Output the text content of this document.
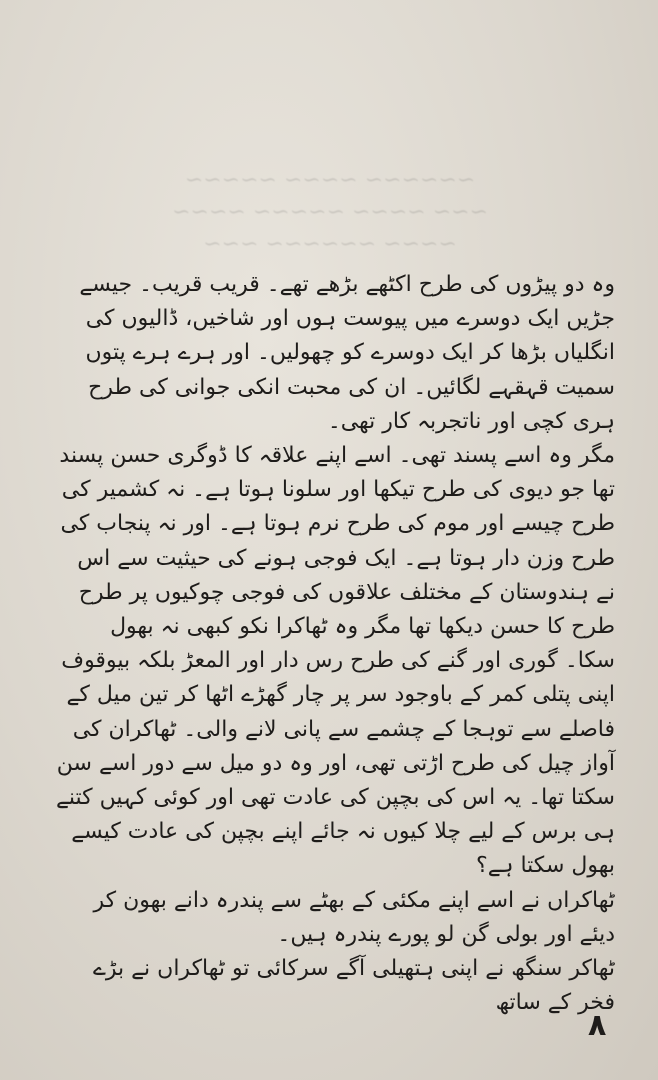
~~~~~ ~~~~ ~~~~~~
~~~~ ~~~~~ ~~~~ ~~~
~~~ ~~~~~~ ~~~~

وہ دو پیڑوں کی طرح اکٹھے بڑھے تھے۔ قریب قریب۔ جیسے جڑیں ایک دوسرے میں پیوست ہوں اور شاخیں، ڈالیوں کی انگلیاں بڑھا کر ایک دوسرے کو چھولیں۔ اور ہرے ہرے پتوں سمیت قہقہے لگائیں۔ ان کی محبت انکی جوانی کی طرح ہری کچی اور ناتجربہ کار تھی۔

مگر وہ اسے پسند تھی۔ اسے اپنے علاقہ کا ڈوگری حسن پسند تھا جو دیوی کی طرح تیکھا اور سلونا ہوتا ہے۔ نہ کشمیر کی طرح چیسے اور موم کی طرح نرم ہوتا ہے۔ اور نہ پنجاب کی طرح وزن دار ہوتا ہے۔ ایک فوجی ہونے کی حیثیت سے اس نے ہندوستان کے مختلف علاقوں کی فوجی چوکیوں پر طرح طرح کا حسن دیکھا تھا مگر وہ ٹھاکرا نکو کبھی نہ بھول سکا۔ گوری اور گنے کی طرح رس دار اور المعڑ بلکہ بیوقوف اپنی پتلی کمر کے باوجود سر پر چار گھڑے اٹھا کر تین میل کے فاصلے سے توہجا کے چشمے سے پانی لانے والی۔ ٹھاکران کی آواز چیل کی طرح اڑتی تھی، اور وہ دو میل سے دور اسے سن سکتا تھا۔ یہ اس کی بچپن کی عادت تھی اور کوئی کہیں کتنے ہی برس کے لیے چلا کیوں نہ جائے اپنے بچپن کی عادت کیسے بھول سکتا ہے؟

ٹھاکراں نے اسے اپنے مکئی کے بھٹے سے پندرہ دانے بھون کر دیئے اور بولی گن لو پورے پندرہ ہیں۔

ٹھاکر سنگھ نے اپنی ہتھیلی آگے سرکائی تو ٹھاکراں نے بڑے فخر کے ساتھ

۸
